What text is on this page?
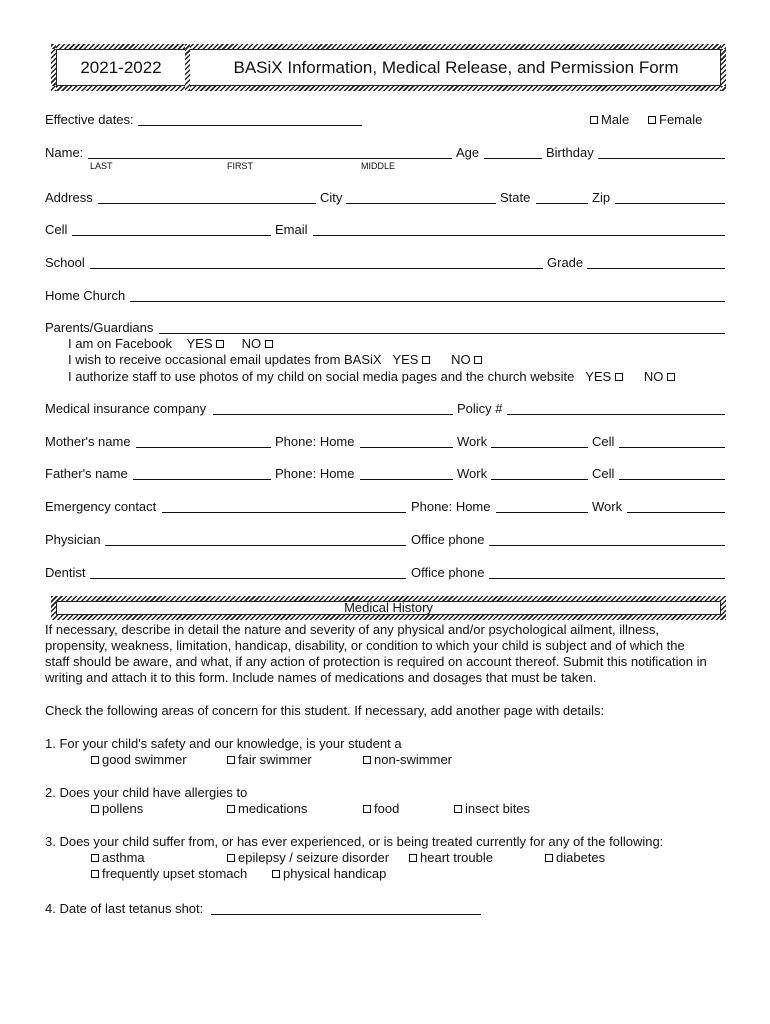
2021-2022	BASiX Information, Medical Release, and Permission Form
Effective dates:	Male	Female
Name:
LAST	FIRST	MIDDLE
Age	Birthday
Address	City	State	Zip
Cell	Email
School	Grade
Home Church
Parents/Guardians
I am on Facebook YES NO
I wish to receive occasional email updates from BASiX YES	NO
I authorize staff to use photos of my child on social media pages and the church website YES	NO
Medical insurance company	Policy #
Mother's name	Phone: Home	Work	Cell
Father's name	Phone: Home	Work	Cell
Emergency contact	Phone: Home	Work
Physician	Office phone
Dentist	Office phone
Medical History
If necessary, describe in detail the nature and severity of any physical and/or psychological ailment, illness,
propensity, weakness, limitation, handicap, disability, or condition to which your child is subject and of which the
staff should be aware, and what, if any action of protection is required on account thereof. Submit this notification in
writing and attach it to this form. Include names of medications and dosages that must be taken.
Check the following areas of concern for this student. If necessary, add another page with details:
1. For your child's safety and our knowledge, is your student a
good swimmer	fair swimmer	non-swimmer
2. Does your child have allergies to
pollens	medications	food	insect bites
3. Does your child suffer from, or has ever experienced, or is being treated currently for any of the following:
asthma	epilepsy / seizure disorder	heart trouble	diabetes
frequently upset stomach	physical handicap
4. Date of last tetanus shot:
